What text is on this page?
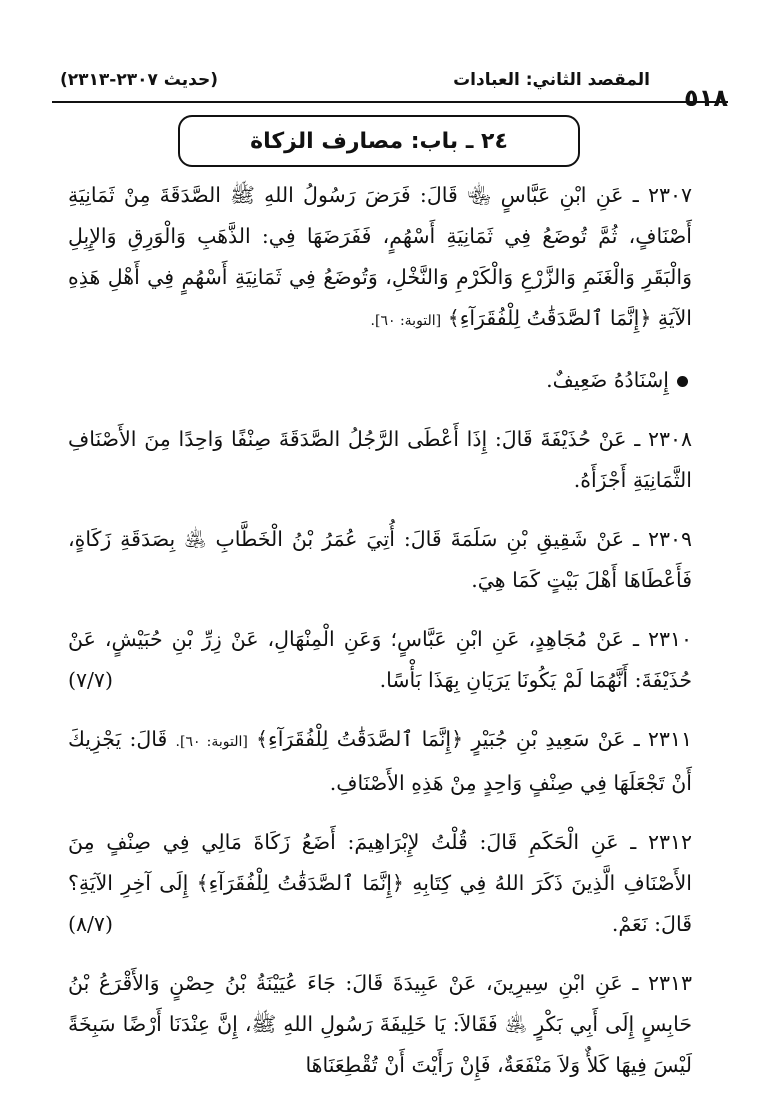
٥١٨
المقصد الثاني: العبادات
(حديث ٢٣٠٧-٢٣١٣)
٢٤ ـ باب: مصارف الزكاة

٢٣٠٧ ـ عَنِ ابْنِ عَبَّاسٍ ﵄ قَالَ: فَرَضَ رَسُولُ اللهِ ﷺ الصَّدَقَةَ مِنْ ثَمَانِيَةِ أَصْنَافٍ، ثُمَّ تُوضَعُ فِي ثَمَانِيَةِ أَسْهُمٍ، فَفَرَضَهَا فِي: الذَّهَبِ وَالْوَرِقِ وَالإِبِلِ وَالْبَقَرِ وَالْغَنَمِ وَالزَّرْعِ وَالْكَرْمِ وَالنَّخْلِ، وَتُوضَعُ فِي ثَمَانِيَةِ أَسْهُمٍ فِي أَهْلِ هَذِهِ الآيَةِ ﴿إِنَّمَا ٱلصَّدَقَٰتُ لِلْفُقَرَآءِ﴾ [التوبة: ٦٠].

إِسْنَادُهُ ضَعِيفٌ.

٢٣٠٨ ـ عَنْ حُذَيْفَةَ قَالَ: إِذَا أَعْطَى الرَّجُلُ الصَّدَقَةَ صِنْفًا وَاحِدًا مِنَ الأَصْنَافِ الثَّمَانِيَةِ أَجْزَأَهُ.

٢٣٠٩ ـ عَنْ شَقِيقِ بْنِ سَلَمَةَ قَالَ: أُتِيَ عُمَرُ بْنُ الْخَطَّابِ ﵁ بِصَدَقَةِ زَكَاةٍ، فَأَعْطَاهَا أَهْلَ بَيْتٍ كَمَا هِيَ.

٢٣١٠ ـ عَنْ مُجَاهِدٍ، عَنِ ابْنِ عَبَّاسٍ؛ وَعَنِ الْمِنْهَالِ، عَنْ زِرِّ بْنِ حُبَيْشٍ، عَنْ حُذَيْفَةَ: أَنَّهُمَا لَمْ يَكُونَا يَرَيَانِ بِهَذَا بَأْسًا.
(٧/٧)

٢٣١١ ـ عَنْ سَعِيدِ بْنِ جُبَيْرٍ ﴿إِنَّمَا ٱلصَّدَقَٰتُ لِلْفُقَرَآءِ﴾ [التوبة: ٦٠]. قَالَ: يَجْزِيكَ أَنْ تَجْعَلَهَا فِي صِنْفٍ وَاحِدٍ مِنْ هَذِهِ الأَصْنَافِ.

٢٣١٢ ـ عَنِ الْحَكَمِ قَالَ: قُلْتُ لإِبْرَاهِيمَ: أَضَعُ زَكَاةَ مَالِي فِي صِنْفٍ مِنَ الأَصْنَافِ الَّذِينَ ذَكَرَ اللهُ فِي كِتَابِهِ ﴿إِنَّمَا ٱلصَّدَقَٰتُ لِلْفُقَرَآءِ﴾ إِلَى آخِرِ الآيَةِ؟ قَالَ: نَعَمْ.
(٨/٧)

٢٣١٣ ـ عَنِ ابْنِ سِيرِينَ، عَنْ عَبِيدَةَ قَالَ: جَاءَ عُيَيْنَةُ بْنُ حِصْنٍ وَالأَقْرَعُ بْنُ حَابِسٍ إِلَى أَبِي بَكْرٍ ﵁ فَقَالاَ: يَا خَلِيفَةَ رَسُولِ اللهِ ﷺ، إِنَّ عِنْدَنَا أَرْضًا سَبِخَةً لَيْسَ فِيهَا كَلأٌ وَلاَ مَنْفَعَةٌ، فَإِنْ رَأَيْتَ أَنْ تُقْطِعَنَاهَا
